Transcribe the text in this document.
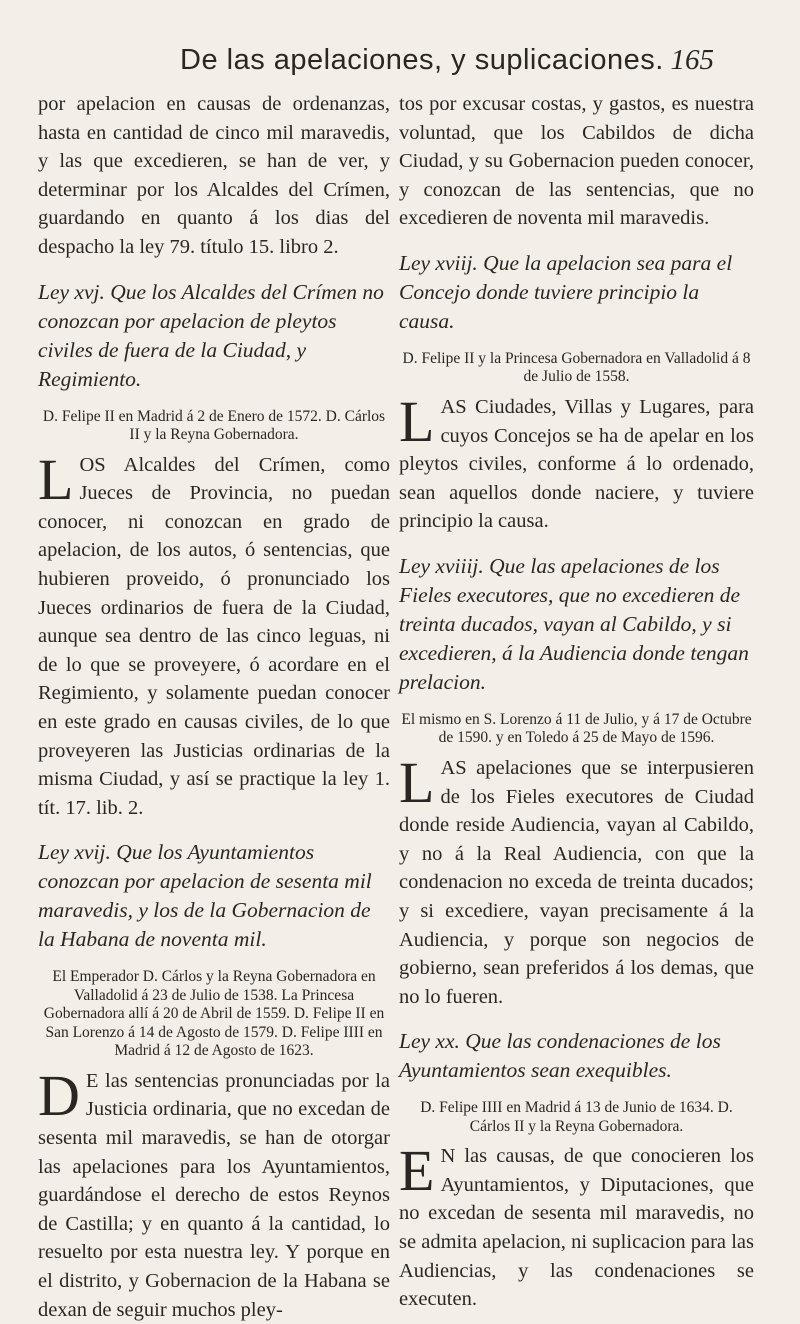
De las apelaciones, y suplicaciones. 165

por apelacion en causas de ordenanzas, hasta en cantidad de cinco mil maravedis, y las que excedieren, se han de ver, y determinar por los Alcaldes del Crímen, guardando en quanto á los dias del despacho la ley 79. título 15. libro 2.

Ley xvj. Que los Alcaldes del Crímen no conozcan por apelacion de pleytos civiles de fuera de la Ciudad, y Regimiento.

D. Felipe II en Madrid á 2 de Enero de 1572. D. Cárlos II y la Reyna Gobernadora.

LOS Alcaldes del Crímen, como Jueces de Provincia, no puedan conocer, ni conozcan en grado de apelacion, de los autos, ó sentencias, que hubieren proveido, ó pronunciado los Jueces ordinarios de fuera de la Ciudad, aunque sea dentro de las cinco leguas, ni de lo que se proveyere, ó acordare en el Regimiento, y solamente puedan conocer en este grado en causas civiles, de lo que proveyeren las Justicias ordinarias de la misma Ciudad, y así se practique la ley 1. tít. 17. lib. 2.

Ley xvij. Que los Ayuntamientos conozcan por apelacion de sesenta mil maravedis, y los de la Gobernacion de la Habana de noventa mil.

El Emperador D. Cárlos y la Reyna Gobernadora en Valladolid á 23 de Julio de 1538. La Princesa Gobernadora allí á 20 de Abril de 1559. D. Felipe II en San Lorenzo á 14 de Agosto de 1579. D. Felipe IIII en Madrid á 12 de Agosto de 1623.

D E las sentencias pronunciadas por la Justicia ordinaria, que no excedan de sesenta mil maravedis, se han de otorgar las apelaciones para los Ayuntamientos, guardándose el derecho de estos Reynos de Castilla; y en quanto á la cantidad, lo resuelto por esta nuestra ley. Y porque en el distrito, y Gobernacion de la Habana se dexan de seguir muchos pley-

tos por excusar costas, y gastos, es nuestra voluntad, que los Cabildos de dicha Ciudad, y su Gobernacion pueden conocer, y conozcan de las sentencias, que no excedieren de noventa mil maravedis.

Ley xviij. Que la apelacion sea para el Concejo donde tuviere principio la causa.

D. Felipe II y la Princesa Gobernadora en Valladolid á 8 de Julio de 1558.

LAS Ciudades, Villas y Lugares, para cuyos Concejos se ha de apelar en los pleytos civiles, conforme á lo ordenado, sean aquellos donde naciere, y tuviere principio la causa.

Ley xviiij. Que las apelaciones de los Fieles executores, que no excedieren de treinta ducados, vayan al Cabildo, y si excedieren, á la Audiencia donde tengan prelacion.

El mismo en S. Lorenzo á 11 de Julio, y á 17 de Octubre de 1590. y en Toledo á 25 de Mayo de 1596.

LAS apelaciones que se interpusieren de los Fieles executores de Ciudad donde reside Audiencia, vayan al Cabildo, y no á la Real Audiencia, con que la condenacion no exceda de treinta ducados; y si excediere, vayan precisamente á la Audiencia, y porque son negocios de gobierno, sean preferidos á los demas, que no lo fueren.

Ley xx. Que las condenaciones de los Ayuntamientos sean exequibles.

D. Felipe IIII en Madrid á 13 de Junio de 1634. D. Cárlos II y la Reyna Gobernadora.

E N las causas, de que conocieren los Ayuntamientos, y Diputaciones, que no excedan de sesenta mil maravedis, no se admita apelacion, ni suplicacion para las Audiencias, y las condenaciones se executen.
